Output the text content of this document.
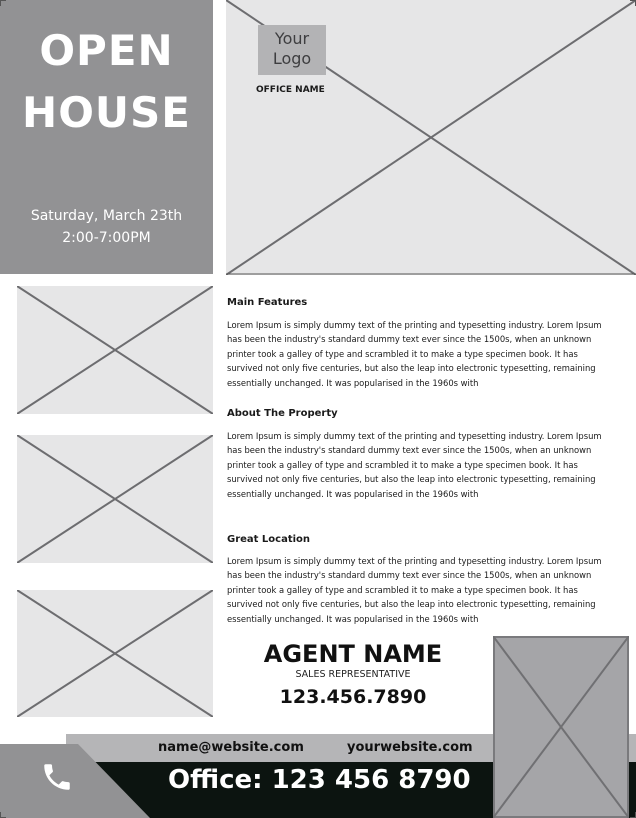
OPEN
HOUSE
Saturday, March 23th
2:00-7:00PM
Your
Logo
OFFICE NAME
Main Features
Lorem Ipsum is simply dummy text of the printing and typesetting industry. Lorem Ipsum has been the industry's standard dummy text ever since the 1500s, when an unknown printer took a galley of type and scrambled it to make a type specimen book. It has survived not only five centuries, but also the leap into electronic typesetting, remaining essentially unchanged. It was popularised in the 1960s with
About The Property
Lorem Ipsum is simply dummy text of the printing and typesetting industry. Lorem Ipsum has been the industry's standard dummy text ever since the 1500s, when an unknown printer took a galley of type and scrambled it to make a type specimen book. It has survived not only five centuries, but also the leap into electronic typesetting, remaining essentially unchanged. It was popularised in the 1960s with
Great Location
Lorem Ipsum is simply dummy text of the printing and typesetting industry. Lorem Ipsum has been the industry's standard dummy text ever since the 1500s, when an unknown printer took a galley of type and scrambled it to make a type specimen book. It has survived not only five centuries, but also the leap into electronic typesetting, remaining essentially unchanged. It was popularised in the 1960s with
AGENT NAME
SALES REPRESENTATIVE
123.456.7890
name@website.com	yourwebsite.com
Office: 123 456 8790
